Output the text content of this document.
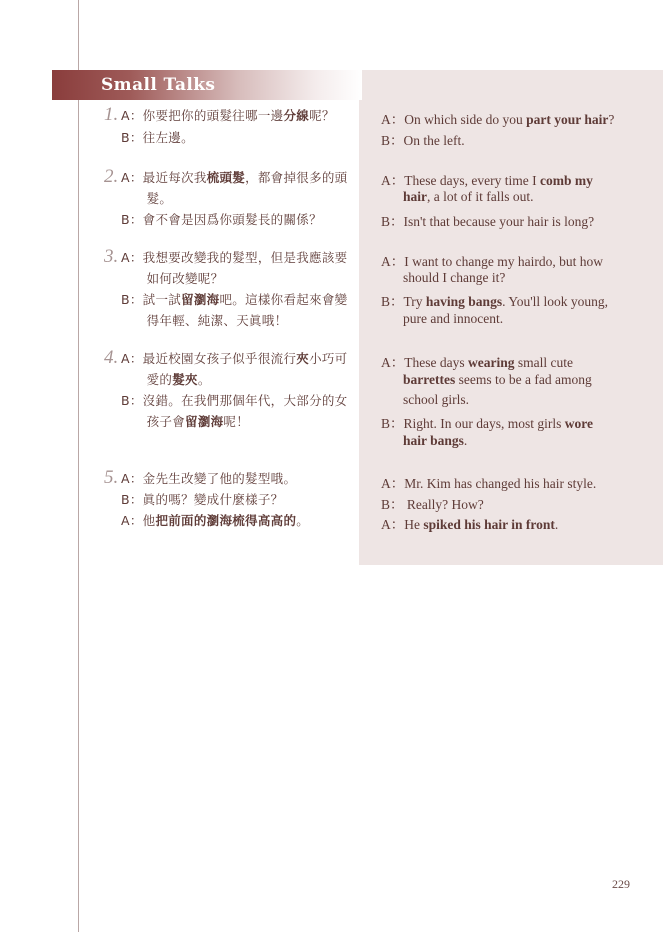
Small Talks
1. A：你要把你的頭髮往哪一邊分線呢？
B：往左邊。
2. A：最近每次我梳頭髮，都會掉很多的頭
　　髮。
B：會不會是因爲你頭髮長的關係？
3. A：我想要改變我的髮型，但是我應該要
　　如何改變呢？
B：試一試留瀏海吧。這樣你看起來會變
　　得年輕、純潔、天眞哦！
4. A：最近校園女孩子似乎很流行夾小巧可
　　愛的髮夾。
B：沒錯。在我們那個年代，大部分的女
　　孩子會留瀏海呢！
5. A：金先生改變了他的髮型哦。
B：眞的嗎？變成什麼樣子？
A：他把前面的瀏海梳得高高的。
A：On which side do you part your hair?
B：On the left.
A：These days, every time I comb my
hair, a lot of it falls out.
B：Isn't that because your hair is long?
A：I want to change my hairdo, but how
should I change it?
B：Try having bangs. You'll look young,
pure and innocent.
A：These days wearing small cute
barrettes seems to be a fad among
school girls.
B：Right. In our days, most girls wore
hair bangs.
A：Mr. Kim has changed his hair style.
B： Really? How?
A：He spiked his hair in front.
229
